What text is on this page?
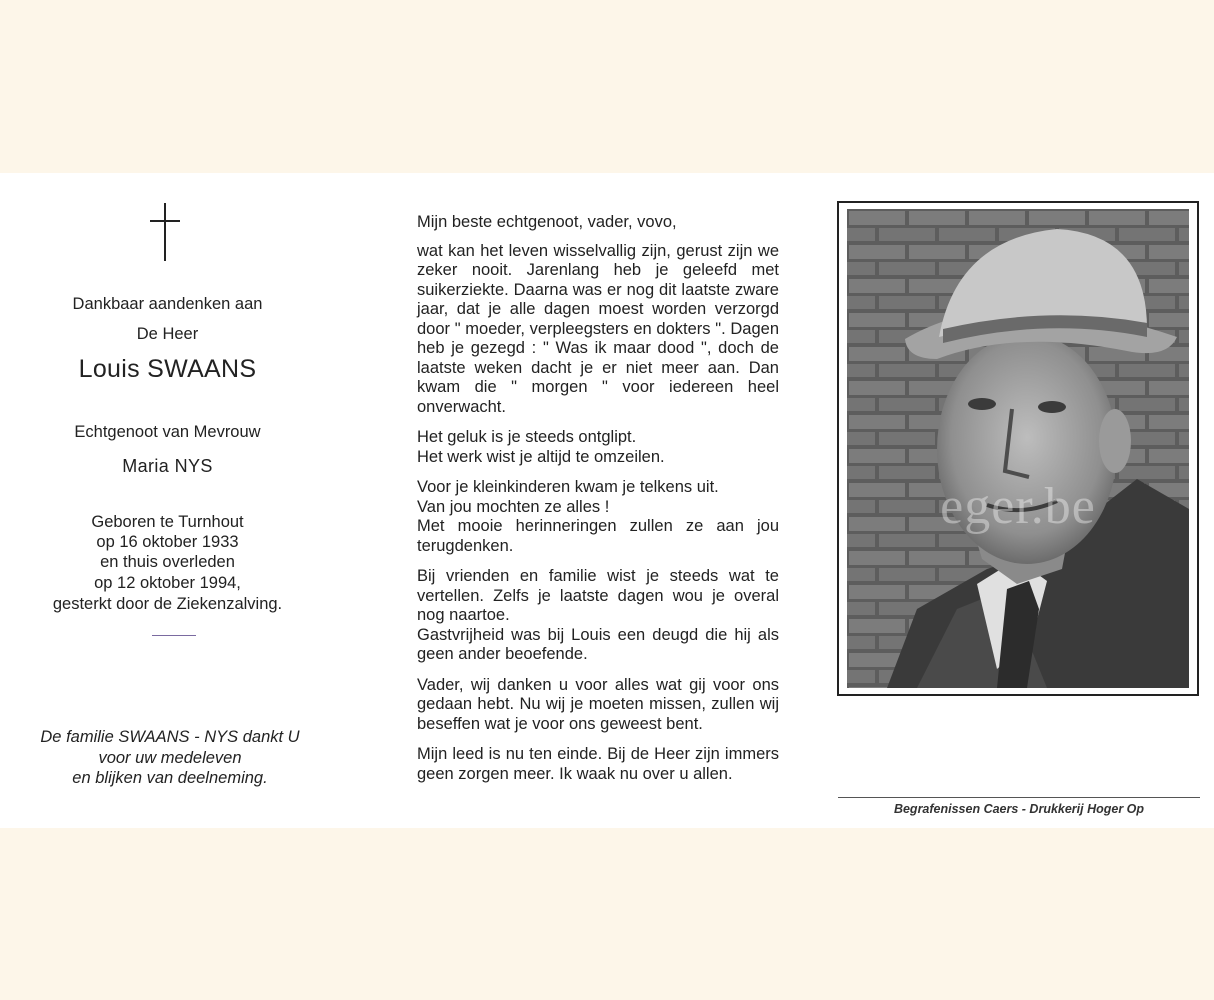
Dankbaar aandenken aan
De Heer
Louis SWAANS
Echtgenoot van Mevrouw
Maria NYS
Geboren te Turnhout
op 16 oktober 1933
en thuis overleden
op 12 oktober 1994,
gesterkt door de Ziekenzalving.
De familie SWAANS - NYS dankt U
voor uw medeleven
en blijken van deelneming.
Mijn beste echtgenoot, vader, vovo,

wat kan het leven wisselvallig zijn, gerust zijn we zeker nooit. Jarenlang heb je geleefd met suikerziekte. Daarna was er nog dit laatste zware jaar, dat je alle dagen moest worden verzorgd door " moeder, verpleegsters en dokters ". Dagen heb je gezegd : " Was ik maar dood ", doch de laatste weken dacht je er niet meer aan. Dan kwam die " morgen " voor iedereen heel onverwacht.

Het geluk is je steeds ontglipt.
Het werk wist je altijd te omzeilen.

Voor je kleinkinderen kwam je telkens uit.
Van jou mochten ze alles !
Met mooie herinneringen zullen ze aan jou terugdenken.

Bij vrienden en familie wist je steeds wat te vertellen. Zelfs je laatste dagen wou je overal nog naartoe.
Gastvrijheid was bij Louis een deugd die hij als geen ander beoefende.

Vader, wij danken u voor alles wat gij voor ons gedaan hebt. Nu wij je moeten missen, zullen wij beseffen wat je voor ons geweest bent.

Mijn leed is nu ten einde. Bij de Heer zijn immers geen zorgen meer. Ik waak nu over u allen.

eger.be
Begrafenissen Caers - Drukkerij Hoger Op
